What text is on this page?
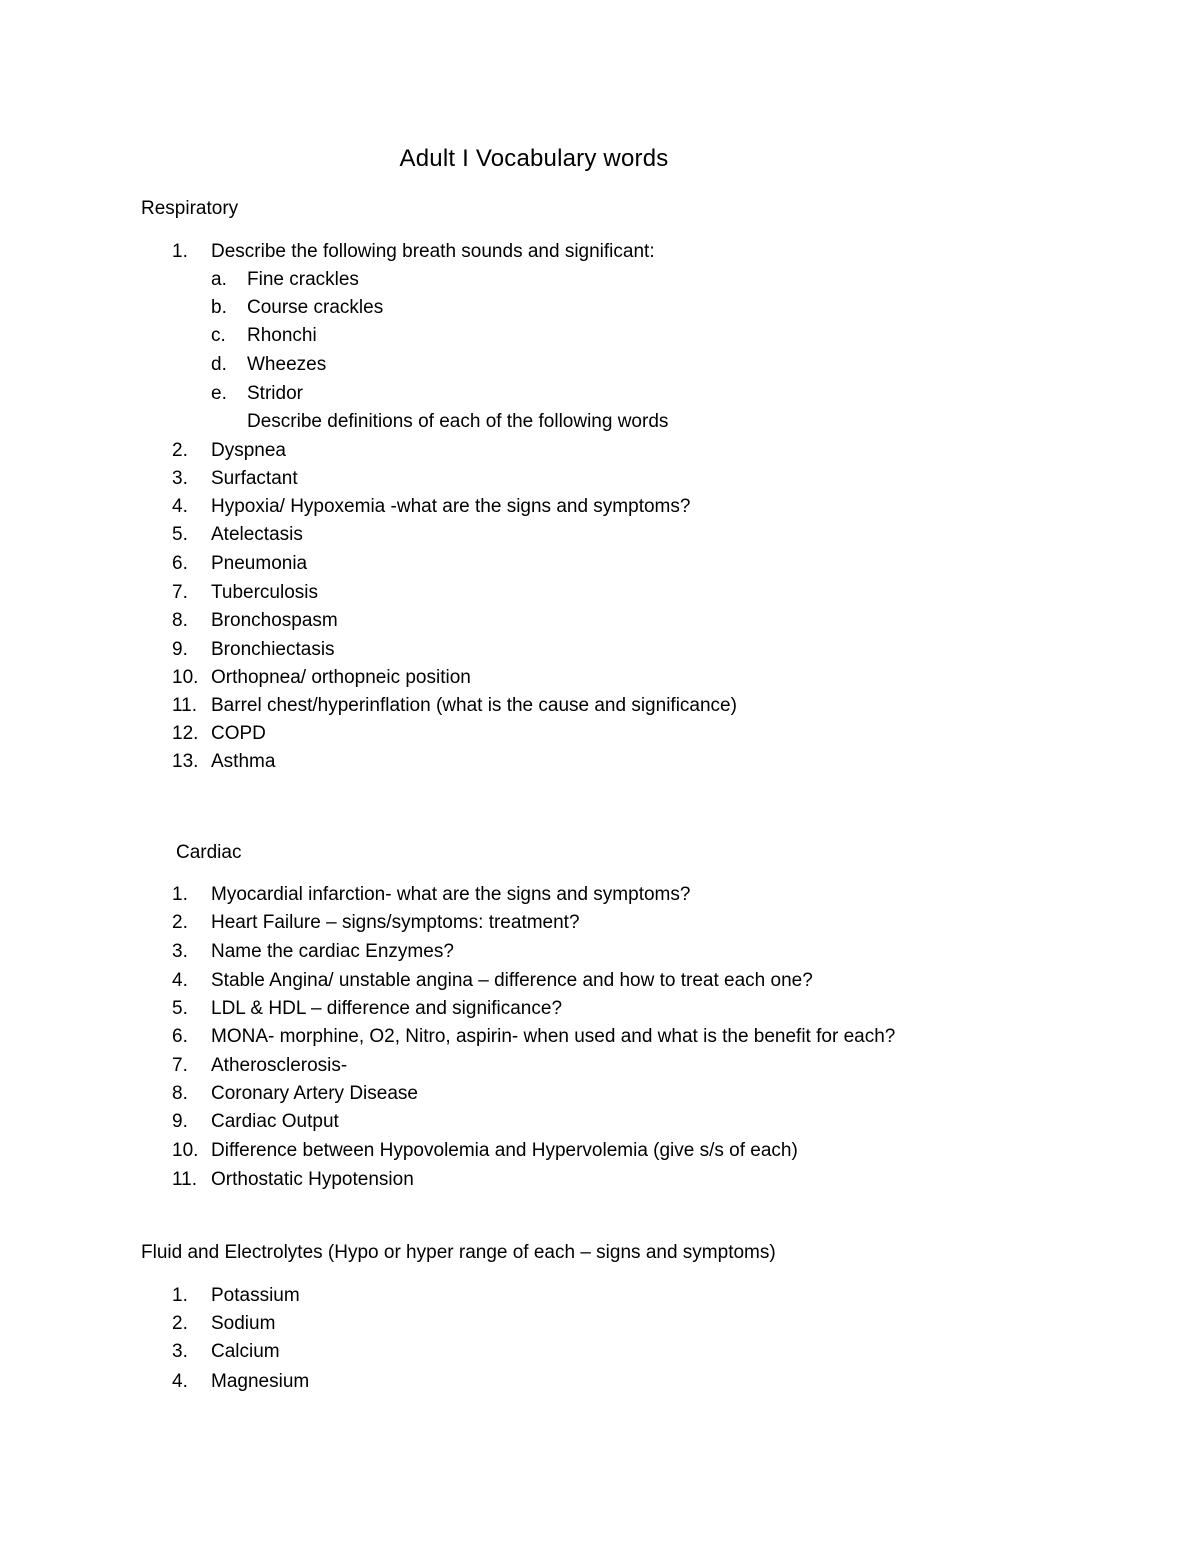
Adult I Vocabulary words
Respiratory
1.	Describe the following breath sounds and significant:
a.	Fine crackles
b.	Course crackles
c.	Rhonchi
d.	Wheezes
e.	Stridor
Describe definitions of each of the following words
2.	Dyspnea
3.	Surfactant
4.	Hypoxia/ Hypoxemia -what are the signs and symptoms?
5.	Atelectasis
6.	Pneumonia
7.	Tuberculosis
8.	Bronchospasm
9.	Bronchiectasis
10. Orthopnea/ orthopneic position
11. Barrel chest/hyperinflation (what is the cause and significance)
12. COPD
13. Asthma
Cardiac
1.	Myocardial infarction- what are the signs and symptoms?
2.	Heart Failure – signs/symptoms: treatment?
3.	Name the cardiac Enzymes?
4.	Stable Angina/ unstable angina – difference and how to treat each one?
5.	LDL & HDL – difference and significance?
6.	MONA- morphine, O2, Nitro, aspirin- when used and what is the benefit for each?
7.	Atherosclerosis-
8.	Coronary Artery Disease
9.	Cardiac Output
10. Difference between Hypovolemia and Hypervolemia (give s/s of each)
11. Orthostatic Hypotension
Fluid and Electrolytes (Hypo or hyper range of each – signs and symptoms)
1.	Potassium
2.	Sodium
3.	Calcium
4.	Magnesium
